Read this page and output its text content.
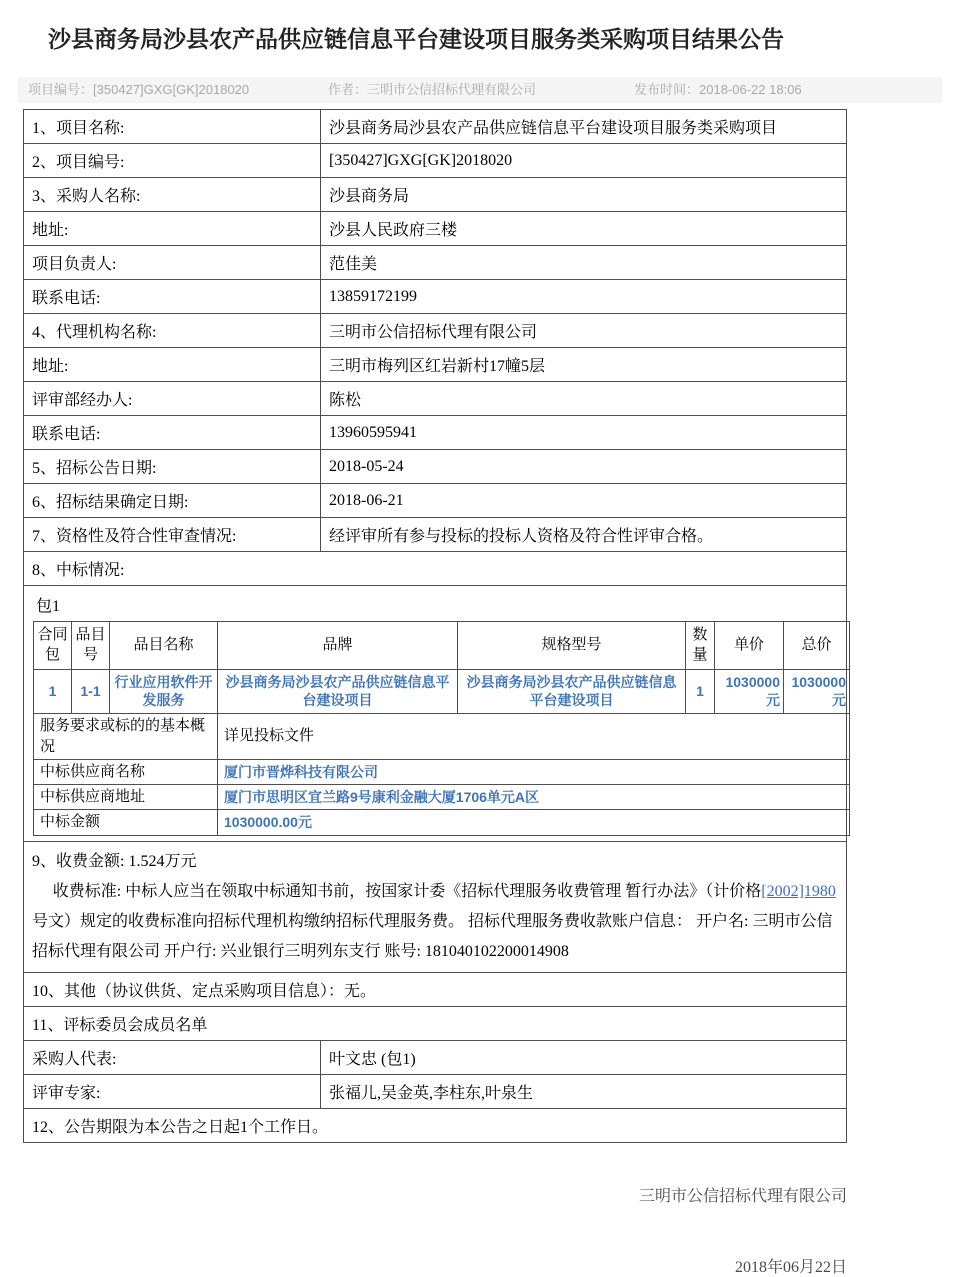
沙县商务局沙县农产品供应链信息平台建设项目服务类采购项目结果公告
项目编号：[350427]GXG[GK]2018020	作者：三明市公信招标代理有限公司	发布时间：2018-06-22 18:06
1、项目名称:	沙县商务局沙县农产品供应链信息平台建设项目服务类采购项目
2、项目编号:	[350427]GXG[GK]2018020
3、采购人名称:	沙县商务局
地址:	沙县人民政府三楼
项目负责人:	范佳美
联系电话:	13859172199
4、代理机构名称:	三明市公信招标代理有限公司
地址:	三明市梅列区红岩新村17幢5层
评审部经办人:	陈松
联系电话:	13960595941
5、招标公告日期:	2018-05-24
6、招标结果确定日期:	2018-06-21
7、资格性及符合性审查情况:	经评审所有参与投标的投标人资格及符合性评审合格。
8、中标情况:

包1
合同包	品目号	品目名称	品牌	规格型号	数量	单价	总价
1	1-1	行业应用软件开发服务	沙县商务局沙县农产品供应链信息平台建设项目	沙县商务局沙县农产品供应链信息平台建设项目	1	1030000元	1030000元
服务要求或标的的基本概况	详见投标文件
中标供应商名称	厦门市晋烨科技有限公司
中标供应商地址	厦门市思明区宜兰路9号康利金融大厦1706单元A区
中标金额	1030000.00元

9、收费金额: 1.524万元

收费标准: 中标人应当在领取中标通知书前，按国家计委《招标代理服务收费管理 暂行办法》（计价格[2002]1980号文）规定的收费标准向招标代理机构缴纳招标代理服务费。 招标代理服务费收款账户信息： 开户名: 三明市公信招标代理有限公司 开户行: 兴业银行三明列东支行 账号: 181040102200014908

10、其他（协议供货、定点采购项目信息）：无。
11、评标委员会成员名单
采购人代表:	叶文忠 (包1)
评审专家:	张福儿,吴金英,李柱东,叶泉生
12、公告期限为本公告之日起1个工作日。
三明市公信招标代理有限公司
2018年06月22日
